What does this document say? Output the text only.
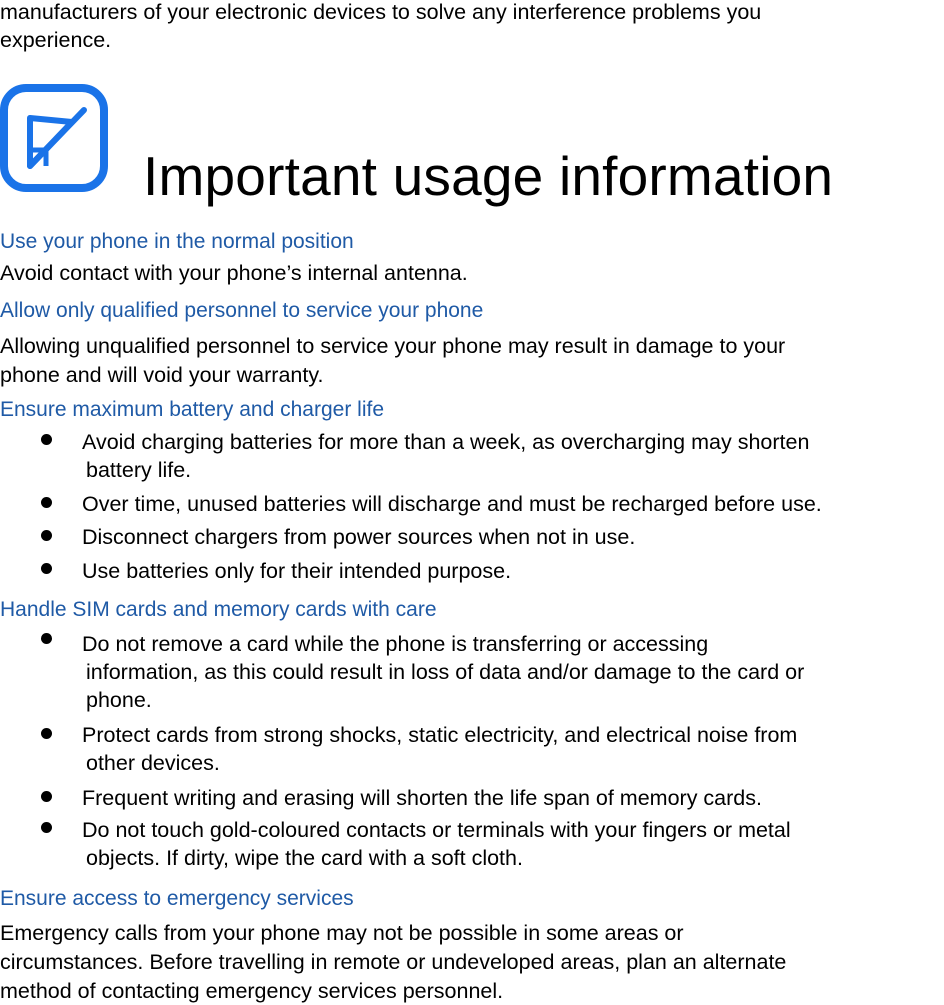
manufacturers of your electronic devices to solve any interference problems you

experience.

Important usage information

Use your phone in the normal position

Avoid contact with your phone’s internal antenna.

Allow only qualified personnel to service your phone

Allowing unqualified personnel to service your phone may result in damage to your

phone and will void your warranty.

Ensure maximum battery and charger life

Avoid charging batteries for more than a week, as overcharging may shorten
battery life.
Over time, unused batteries will discharge and must be recharged before use.
Disconnect chargers from power sources when not in use.
Use batteries only for their intended purpose.

Handle SIM cards and memory cards with care

Do not remove a card while the phone is transferring or accessing
information, as this could result in loss of data and/or damage to the card or
phone.
Protect cards from strong shocks, static electricity, and electrical noise from
other devices.
Frequent writing and erasing will shorten the life span of memory cards.
Do not touch gold-coloured contacts or terminals with your fingers or metal
objects. If dirty, wipe the card with a soft cloth.

Ensure access to emergency services

Emergency calls from your phone may not be possible in some areas or

circumstances. Before travelling in remote or undeveloped areas, plan an alternate

method of contacting emergency services personnel.
